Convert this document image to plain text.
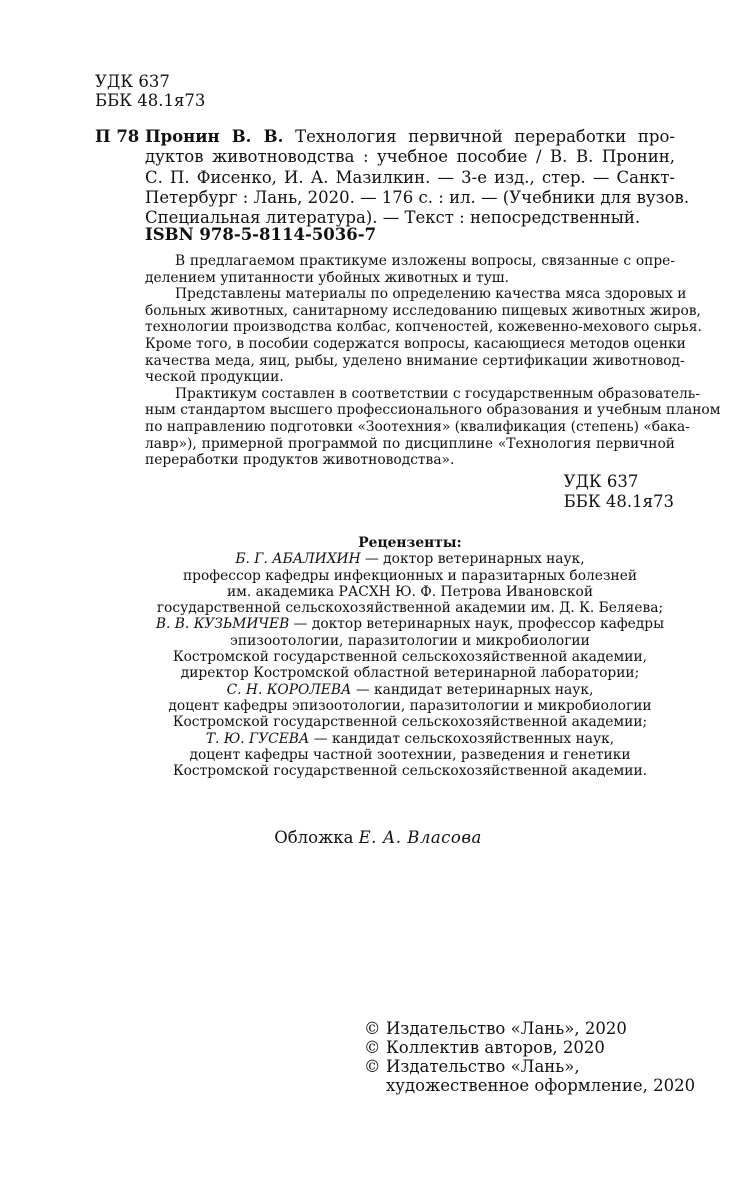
УДК 637
ББК 48.1я73
П 78 Пронин В. В. Технология первичной переработки про-
дуктов животноводства : учебное пособие / В. В. Пронин,
С. П. Фисенко, И. А. Мазилкин. — 3-е изд., стер. — Санкт-
Петербург : Лань, 2020. — 176 с. : ил. — (Учебники для вузов.
Специальная литература). — Текст : непосредственный.
ISBN 978-5-8114-5036-7
В предлагаемом практикуме изложены вопросы, связанные с опре-
делением упитанности убойных животных и туш.
Представлены материалы по определению качества мяса здоровых и
больных животных, санитарному исследованию пищевых животных жиров,
технологии производства колбас, копченостей, кожевенно-мехового сырья.
Кроме того, в пособии содержатся вопросы, касающиеся методов оценки
качества меда, яиц, рыбы, уделено внимание сертификации животновод-
ческой продукции.
Практикум составлен в соответствии с государственным образователь-
ным стандартом высшего профессионального образования и учебным планом
по направлению подготовки «Зоотехния» (квалификация (степень) «бака-
лавр»), примерной программой по дисциплине «Технология первичной
переработки продуктов животноводства».
УДК 637
ББК 48.1я73
Рецензенты:
Б. Г. АБАЛИХИН — доктор ветеринарных наук,
профессор кафедры инфекционных и паразитарных болезней
им. академика РАСХН Ю. Ф. Петрова Ивановской
государственной сельскохозяйственной академии им. Д. К. Беляева;
В. В. КУЗЬМИЧЕВ — доктор ветеринарных наук, профессор кафедры
эпизоотологии, паразитологии и микробиологии
Костромской государственной сельскохозяйственной академии,
директор Костромской областной ветеринарной лаборатории;
С. Н. КОРОЛЕВА — кандидат ветеринарных наук,
доцент кафедры эпизоотологии, паразитологии и микробиологии
Костромской государственной сельскохозяйственной академии;
Т. Ю. ГУСЕВА — кандидат сельскохозяйственных наук,
доцент кафедры частной зоотехнии, разведения и генетики
Костромской государственной сельскохозяйственной академии.
Обложка Е. А. Власова
© Издательство «Лань», 2020
© Коллектив авторов, 2020
© Издательство «Лань»,
художественное оформление, 2020
